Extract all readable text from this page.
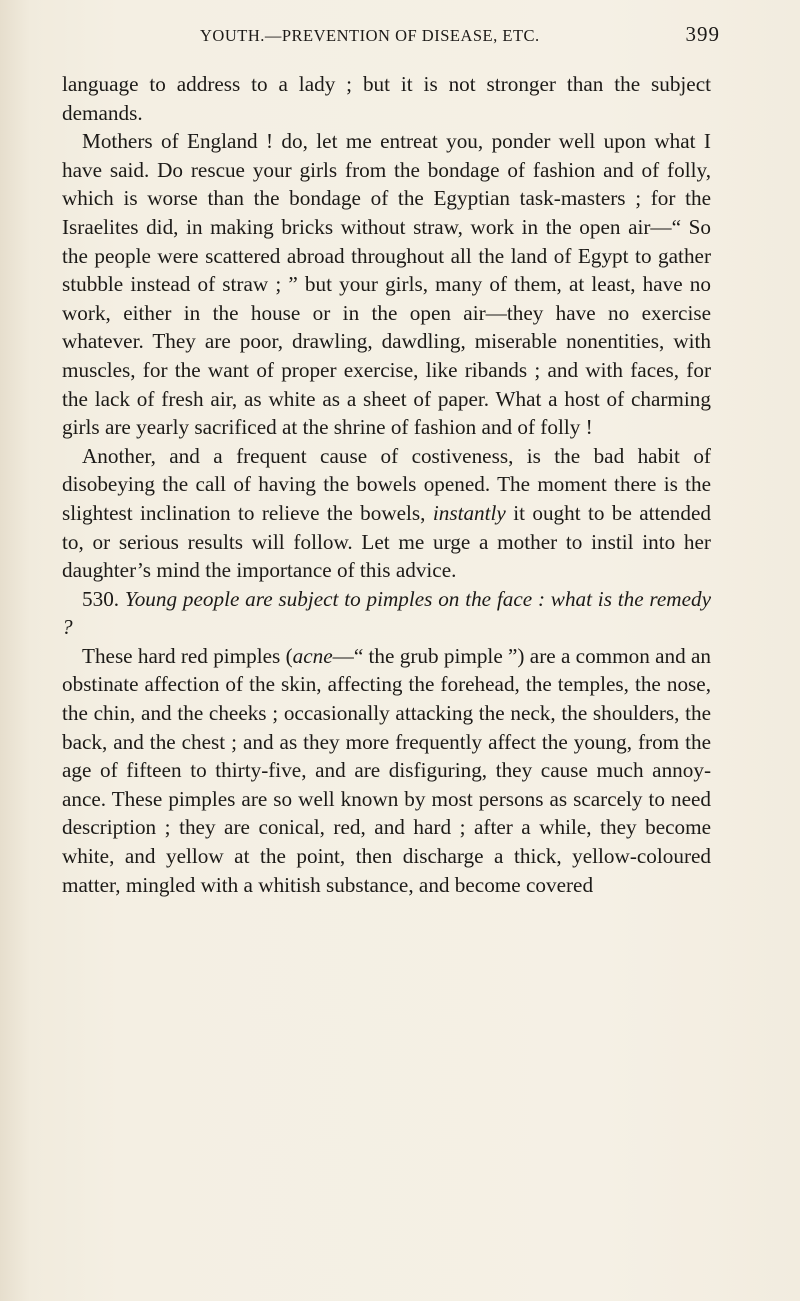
YOUTH.—PREVENTION OF DISEASE, ETC.	399

language to address to a lady ; but it is not stronger than the subject demands.

Mothers of England ! do, let me entreat you, ponder well upon what I have said. Do rescue your girls from the bondage of fashion and of folly, which is worse than the bondage of the Egyptian task-masters ; for the Israelites did, in making bricks without straw, work in the open air—“ So the people were scattered abroad throughout all the land of Egypt to gather stubble instead of straw ; ” but your girls, many of them, at least, have no work, either in the house or in the open air—they have no exercise whatever. They are poor, drawling, dawdling, miserable nonentities, with muscles, for the want of proper exercise, like ribands ; and with faces, for the lack of fresh air, as white as a sheet of paper. What a host of charming girls are yearly sacrificed at the shrine of fashion and of folly !

Another, and a frequent cause of costiveness, is the bad habit of disobeying the call of having the bowels opened. The moment there is the slightest inclination to relieve the bowels, instantly it ought to be attended to, or serious results will follow. Let me urge a mother to instil into her daughter’s mind the importance of this advice.

530. Young people are subject to pimples on the face : what is the remedy ?

These hard red pimples (acne—“ the grub pimple ”) are a common and an obstinate affection of the skin, affecting the forehead, the temples, the nose, the chin, and the cheeks ; occasionally attacking the neck, the shoulders, the back, and the chest ; and as they more frequently affect the young, from the age of fifteen to thirty-five, and are disfiguring, they cause much annoy- ance. These pimples are so well known by most persons as scarcely to need description ; they are conical, red, and hard ; after a while, they become white, and yellow at the point, then discharge a thick, yellow-coloured matter, mingled with a whitish substance, and become covered
